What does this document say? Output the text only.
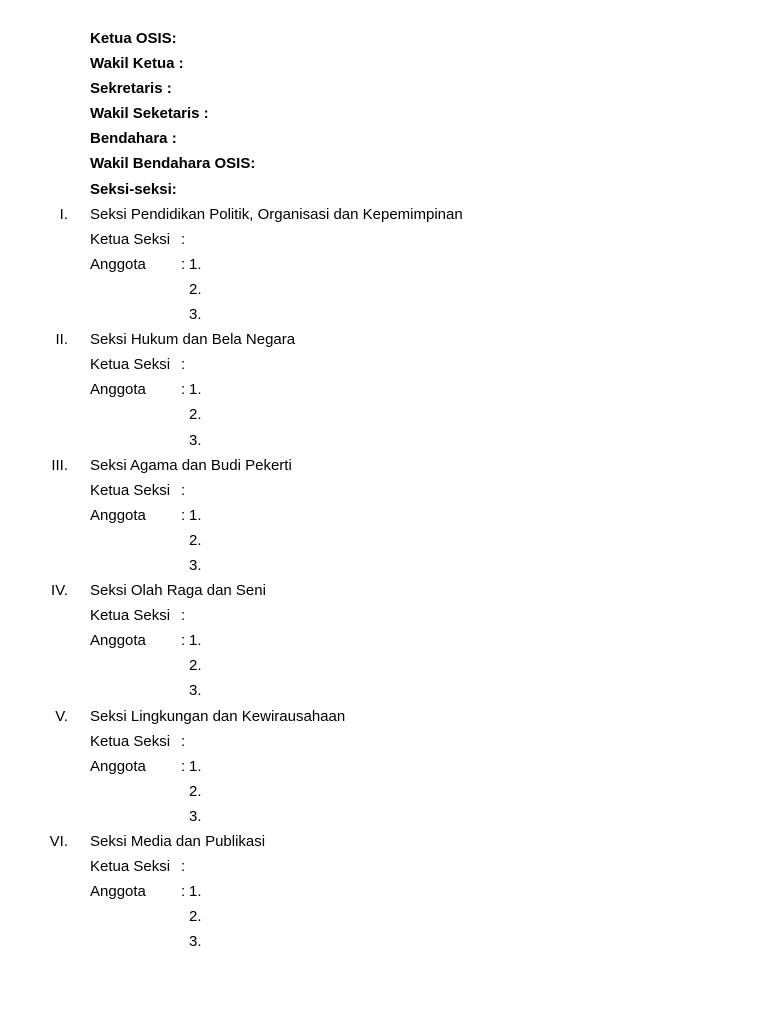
Ketua OSIS:
Wakil Ketua :
Sekretaris :
Wakil Seketaris :
Bendahara :
Wakil Bendahara OSIS:
Seksi-seksi:
I. Seksi Pendidikan Politik, Organisasi dan Kepemimpinan
Ketua Seksi :
Anggota : 1.
2.
3.
II. Seksi Hukum dan Bela Negara
Ketua Seksi :
Anggota : 1.
2.
3.
III. Seksi Agama dan Budi Pekerti
Ketua Seksi :
Anggota : 1.
2.
3.
IV. Seksi Olah Raga dan Seni
Ketua Seksi :
Anggota : 1.
2.
3.
V. Seksi Lingkungan dan Kewirausahaan
Ketua Seksi :
Anggota : 1.
2.
3.
VI. Seksi Media dan Publikasi
Ketua Seksi :
Anggota : 1.
2.
3.
